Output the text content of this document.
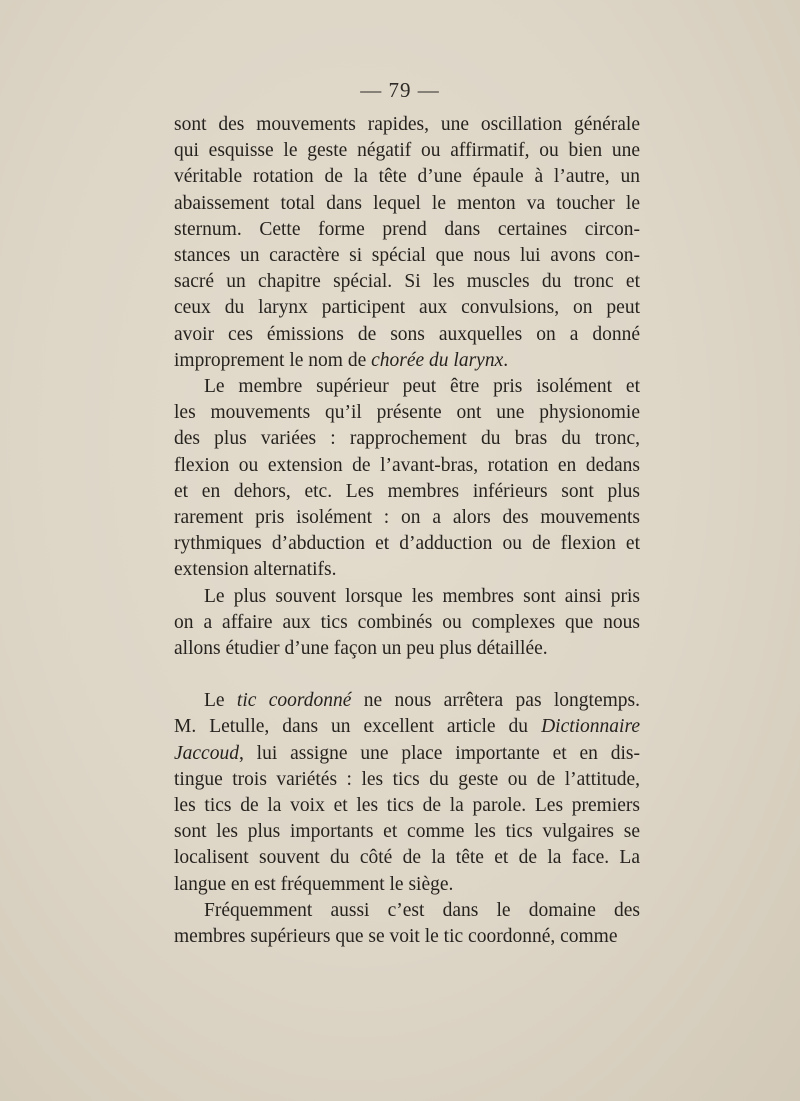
— 79 —

sont des mouvements rapides, une oscillation générale
qui esquisse le geste négatif ou affirmatif, ou bien une
véritable rotation de la tête d’une épaule à l’autre, un
abaissement total dans lequel le menton va toucher le
sternum. Cette forme prend dans certaines circon-
stances un caractère si spécial que nous lui avons con-
sacré un chapitre spécial. Si les muscles du tronc et
ceux du larynx participent aux convulsions, on peut
avoir ces émissions de sons auxquelles on a donné
improprement le nom de chorée du larynx.

Le membre supérieur peut être pris isolément et
les mouvements qu’il présente ont une physionomie
des plus variées : rapprochement du bras du tronc,
flexion ou extension de l’avant-bras, rotation en dedans
et en dehors, etc. Les membres inférieurs sont plus
rarement pris isolément : on a alors des mouvements
rythmiques d’abduction et d’adduction ou de flexion et
extension alternatifs.

Le plus souvent lorsque les membres sont ainsi pris
on a affaire aux tics combinés ou complexes que nous
allons étudier d’une façon un peu plus détaillée.

Le tic coordonné ne nous arrêtera pas longtemps.
M. Letulle, dans un excellent article du Dictionnaire
Jaccoud, lui assigne une place importante et en dis-
tingue trois variétés : les tics du geste ou de l’attitude,
les tics de la voix et les tics de la parole. Les premiers
sont les plus importants et comme les tics vulgaires se
localisent souvent du côté de la tête et de la face. La
langue en est fréquemment le siège.

Fréquemment aussi c’est dans le domaine des
membres supérieurs que se voit le tic coordonné, comme
